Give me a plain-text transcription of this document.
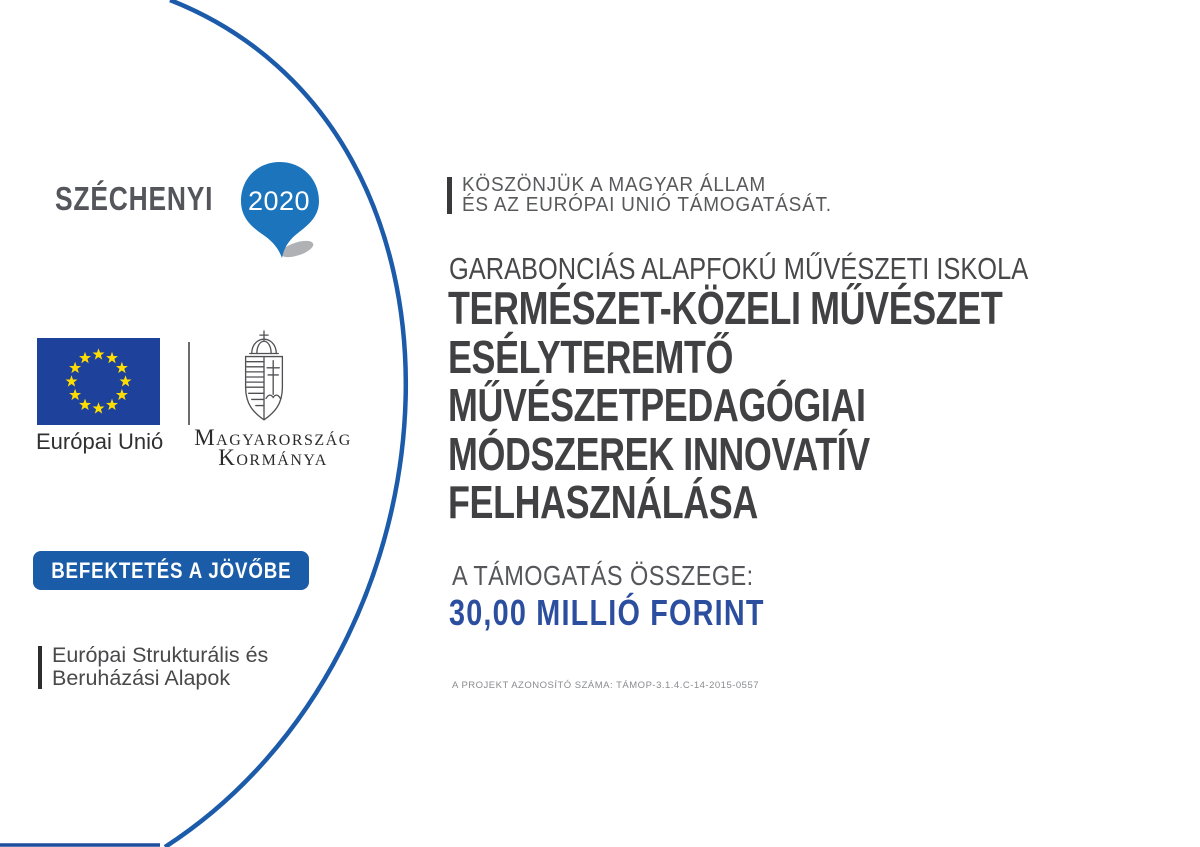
SZÉCHENYI 2020
Európai Unió Magyarország
Kormánya
BEFEKTETÉS A JÖVŐBE
Európai Strukturális és
Beruházási Alapok
KÖSZÖNJÜK A MAGYAR ÁLLAM
ÉS AZ EURÓPAI UNIÓ TÁMOGATÁSÁT.
GARABONCIÁS ALAPFOKÚ MŰVÉSZETI ISKOLA
TERMÉSZET-KÖZELI MŰVÉSZET
ESÉLYTEREMTŐ
MŰVÉSZETPEDAGÓGIAI
MÓDSZEREK INNOVATÍV
FELHASZNÁLÁSA
A TÁMOGATÁS ÖSSZEGE:
30,00 MILLIÓ FORINT
A PROJEKT AZONOSÍTÓ SZÁMA: TÁMOP-3.1.4.C-14-2015-0557
